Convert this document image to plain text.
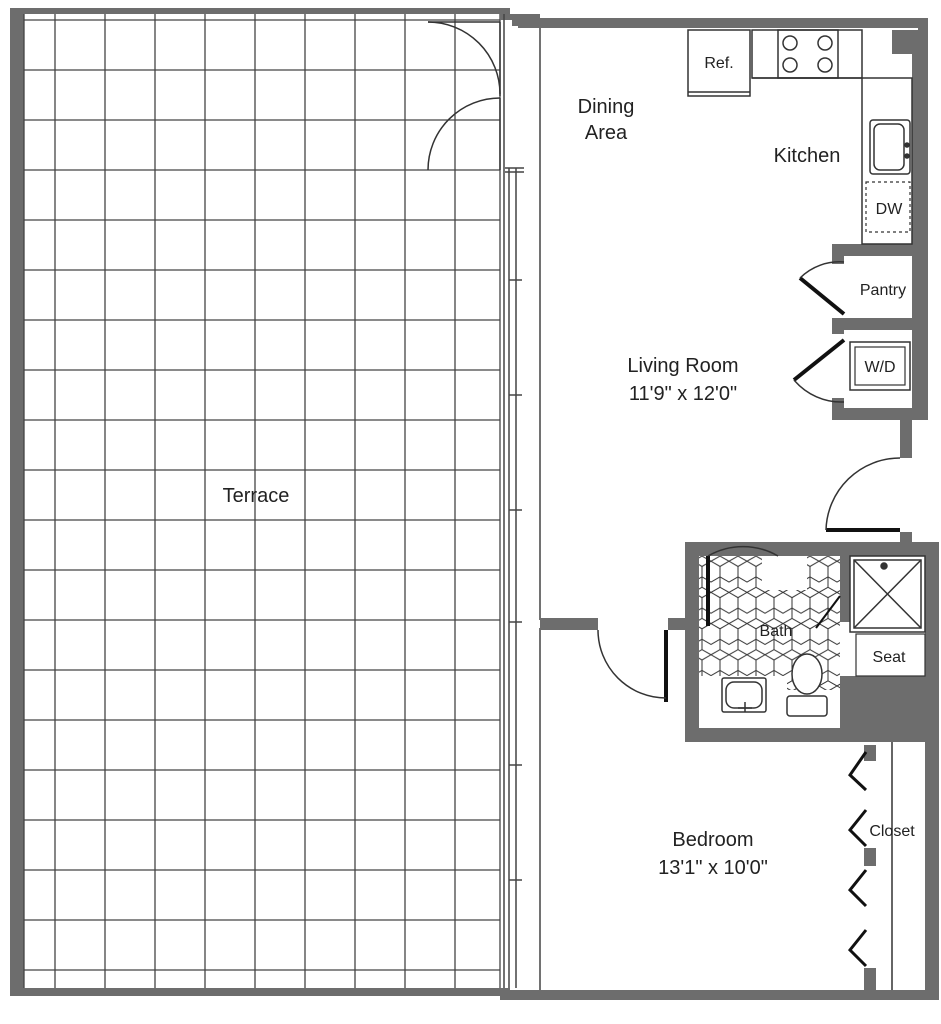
Terrace
Ref.
DW
Kitchen
Dining
Area
Pantry
W/D
Living Room
11'9" x 12'0"
Seat
Bath
Bedroom
13'1" x 10'0"
Closet
